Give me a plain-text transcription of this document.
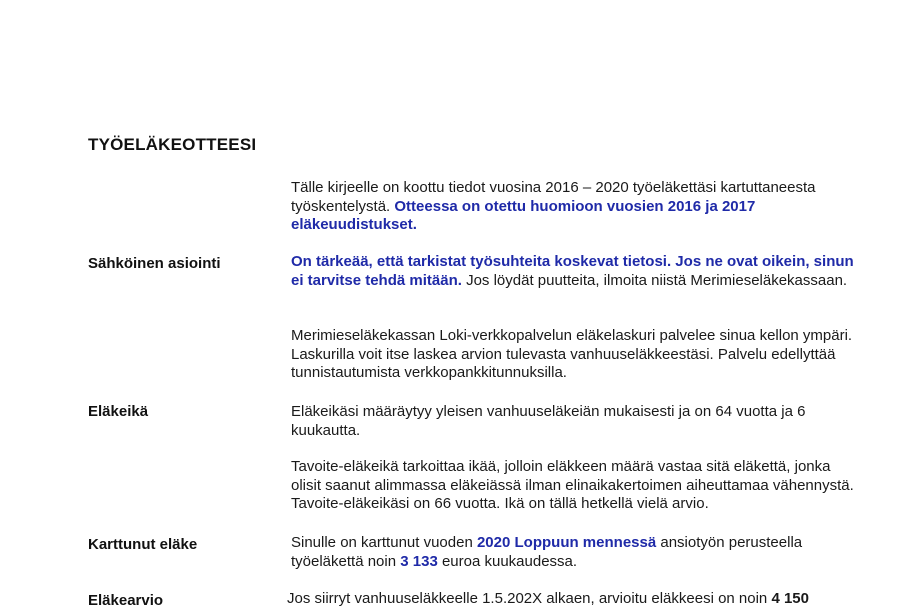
TYÖELÄKEOTTEESI

Tälle kirjeelle on koottu tiedot vuosina 2016 – 2020 työeläkettäsi kartuttaneesta työskentelystä. Otteessa on otettu huomioon vuosien 2016 ja 2017 eläkeuudistukset.

Sähköinen asiointi	On tärkeää, että tarkistat työsuhteita koskevat tietosi. Jos ne ovat oikein, sinun ei tarvitse tehdä mitään. Jos löydät puutteita, ilmoita niistä Merimieseläkekassaan.

Merimieseläkekassan Loki-verkkopalvelun eläkelaskuri palvelee sinua kellon ympäri. Laskurilla voit itse laskea arvion tulevasta vanhuuseläkkeestäsi. Palvelu edellyttää tunnistautumista verkkopankkitunnuksilla.

Eläkeikä	Eläkeikäsi määräytyy yleisen vanhuuseläkeiän mukaisesti ja on 64 vuotta ja 6 kuukautta.

Tavoite-eläkeikä tarkoittaa ikää, jolloin eläkkeen määrä vastaa sitä eläkettä, jonka olisit saanut alimmassa eläkeiässä ilman elinaikakertoimen aiheuttamaa vähennystä. Tavoite-eläkeikäsi on 66 vuotta. Ikä on tällä hetkellä vielä arvio.

Karttunut eläke	Sinulle on karttunut vuoden 2020 Loppuun mennessä ansiotyön perusteella työeläkettä noin 3 133 euroa kuukaudessa.

Eläkearvio	Jos siirryt vanhuuseläkkeelle 1.5.202X alkaen, arvioitu eläkkeesi on noin 4 150
